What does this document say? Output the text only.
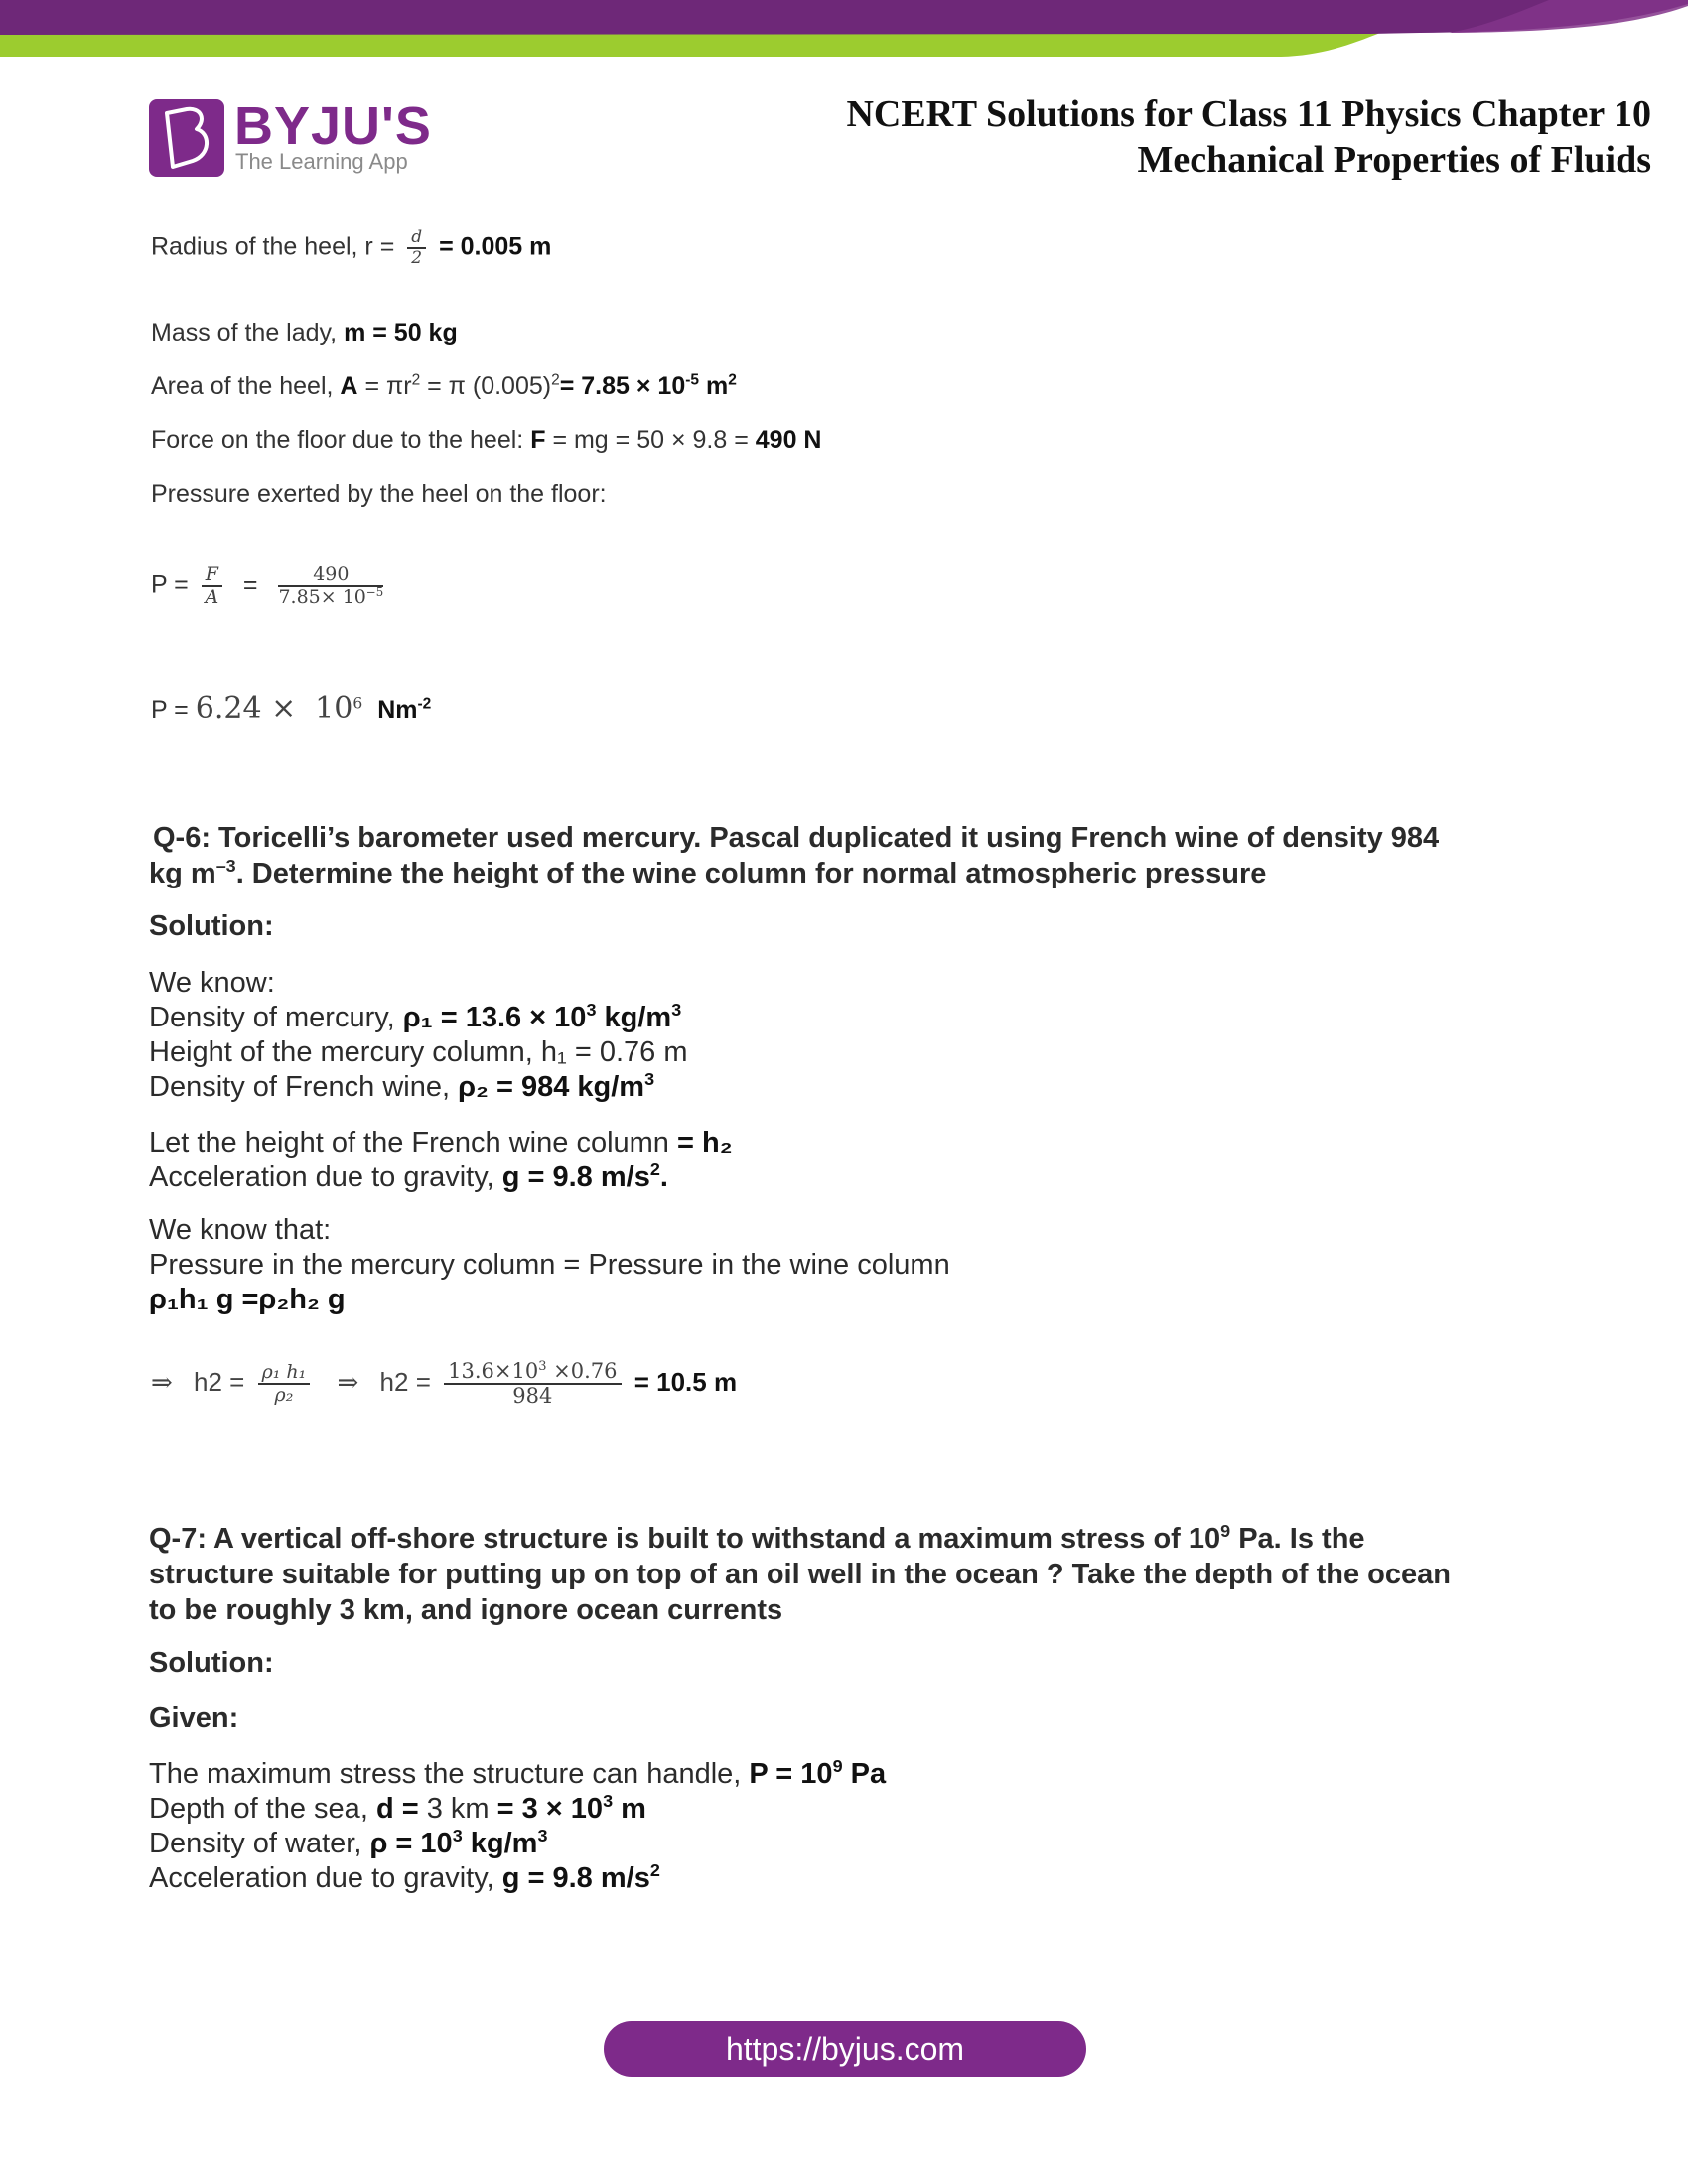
BYJU'S
The Learning App
NCERT Solutions for Class 11 Physics Chapter 10
Mechanical Properties of Fluids
Radius of the heel, $r = \frac{d}{2} = 0.005$ m
Mass of the lady, m = 50 kg
Area of the heel, $A = \pi r^2 = \pi$ $(0.005)^2= 7.85 \times 10^{-5}$ $m^2$
Force on the floor due to the heel: F = mg = 50 × 9.8 = 490 N
Pressure exerted by the heel on the floor:
$P = \frac{F}{A} = \frac{490}{7.85\times 10^{-5}}$
$P = 6.24 \times 10^6$ $Nm^{-2}$
Q-6: Toricelli’s barometer used mercury. Pascal duplicated it using French wine of density 984
kg $m^{-3}$. Determine the height of the wine column for normal atmospheric pressure
Solution:
We know:
Density of mercury, $\rho_1 = 13.6 \times 10^3$ $kg/m^3$
Height of the mercury column, h₁ = 0.76 m
Density of French wine, ρ₂ = 984 $kg/m^3$
Let the height of the French wine column = h₂
Acceleration due to gravity, g = 9.8 $m/s^2$.
We know that:
Pressure in the mercury column = Pressure in the wine column
ρ₁h₁ g =ρ₂h₂ g
⇒ $h2 = \frac{\text{ρ₁ h₁}}{\text{ρ₂}}$ ⇒ $h2 = \frac{13.6\times 10^3 \times 0.76}{984} = 10.5$ m
Q-7: A vertical off-shore structure is built to withstand a maximum stress of $10^9$ Pa. Is the
structure suitable for putting up on top of an oil well in the ocean ? Take the depth of the ocean
to be roughly 3 km, and ignore ocean currents
Solution:
Given:
The maximum stress the structure can handle, $P = 10^9$ Pa
Depth of the sea, d = 3 km = $3 \times 10^3$ m
Density of water, $\rho = 10^3$ $kg/m^3$
Acceleration due to gravity, g = 9.8 $m/s^2$
https://byjus.com
